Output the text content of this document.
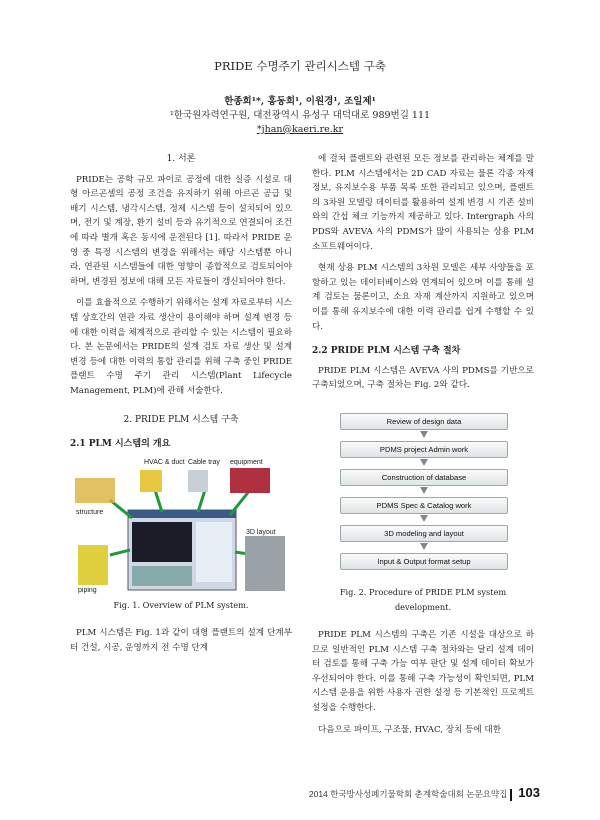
PRIDE 수명주기 관리시스템 구축
한종희¹*, 홍동희¹, 이원경¹, 조일제¹
¹한국원자력연구원, 대전광역시 유성구 대덕대로 989번길 111
*jhan@kaeri.re.kr
1. 서론

PRIDE는 공학 규모 파이로 공정에 대한 실증 시설로 대형 아르곤셀의 공정 조건을 유지하기 위해 아르곤 공급 및 배기 시스템, 냉각시스템, 정제 시스템 등이 설치되어 있으며, 전기 및 계장, 환기 설비 등과 유기적으로 연결되어 조건에 따라 별개 혹은 동시에 운전된다 [1]. 따라서 PRIDE 운영 중 특정 시스템의 변경을 위해서는 해당 시스템뿐 아니라, 연관된 시스템들에 대한 영향이 종합적으로 검토되어야 하며, 변경된 정보에 대해 모든 자료들이 갱신되어야 한다.

이를 효율적으로 수행하기 위해서는 설계 자료로부터 시스템 상호간의 연관 자료 생산이 용이해야 하며 설계 변경 등에 대한 이력을 체계적으로 관리할 수 있는 시스템이 필요하다. 본 논문에서는 PRIDE의 설계 검토 자료 생산 및 설계 변경 등에 대한 이력의 통합 관리를 위해 구축 중인 PRIDE 플랜트 수명 주기 관리 시스템(Plant Lifecycle Management, PLM)에 관해 서술한다.

2. PRIDE PLM 시스템 구축
2.1 PLM 시스템의 개요
HVAC & duct Cable tray equipment
structure
3D layout
piping
Fig. 1. Overview of PLM system.

PLM 시스템은 Fig. 1과 같이 대형 플랜트의 설계 단계부터 건설, 시공, 운영까지 전 수명 단계

에 걸쳐 플랜트와 관련된 모든 정보를 관리하는 체계를 말한다. PLM 시스템에서는 2D CAD 자료는 물론 각종 자재 정보, 유지보수용 부품 목록 또한 관리되고 있으며, 플랜트의 3차원 모델링 데이터를 활용하여 설계 변경 시 기존 설비와의 간섭 체크 기능까지 제공하고 있다. Intergraph 사의 PDS와 AVEVA 사의 PDMS가 많이 사용되는 상용 PLM 소프트웨어이다.

현재 상용 PLM 시스템의 3차원 모델은 세부 사양들을 포함하고 있는 데이터베이스와 연계되어 있으며 이를 통해 설계 검토는 물론이고, 소요 자재 계산까지 지원하고 있으며 이를 통해 유지보수에 대한 이력 관리를 쉽게 수행할 수 있다.

2.2 PRIDE PLM 시스템 구축 절차

PRIDE PLM 시스템은 AVEVA 사의 PDMS를 기반으로 구축되었으며, 구축 절차는 Fig. 2와 같다.

Review of design data
PDMS project Admin work
Construction of database
PDMS Spec & Catalog work
3D modeling and layout
Input & Output format setup
Fig. 2. Procedure of PRIDE PLM system development.

PRIDE PLM 시스템의 구축은 기존 시설을 대상으로 하므로 일반적인 PLM 시스템 구축 절차와는 달리 설계 데이터 검토를 통해 구축 가능 여부 판단 및 설계 데이터 확보가 우선되어야 한다. 이를 통해 구축 가능성이 확인되면, PLM 시스템 운용을 위한 사용자 권한 설정 등 기본적인 프로젝트 설정을 수행한다.

다음으로 파이프, 구조물, HVAC, 장치 등에 대한

2014 한국방사성폐기물학회 춘계학술대회 논문요약집 103
